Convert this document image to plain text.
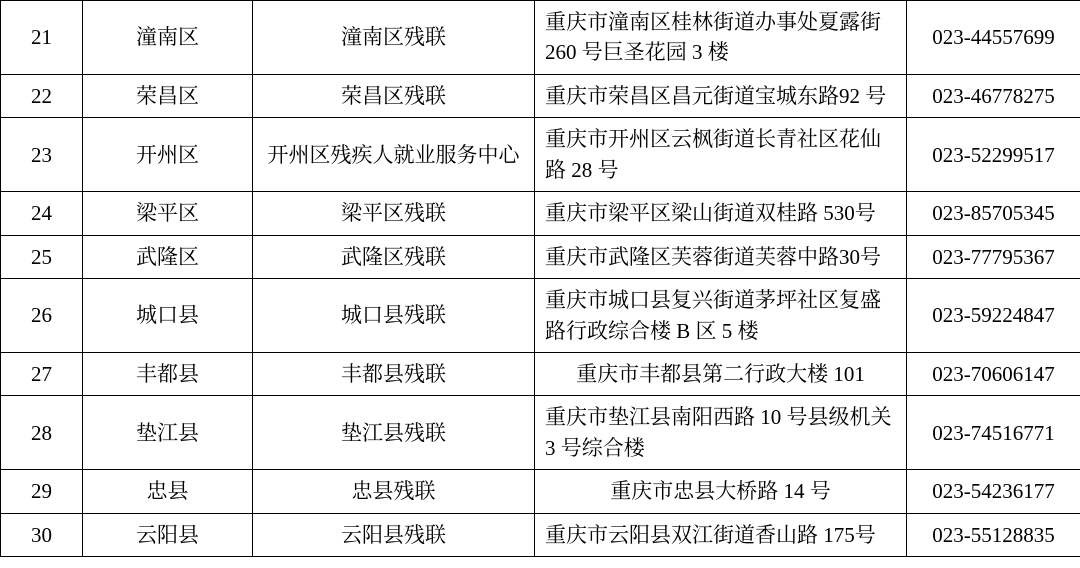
21	潼南区	潼南区残联	重庆市潼南区桂林街道办事处夏露街 260 号巨圣花园 3 楼	023-44557699
22	荣昌区	荣昌区残联	重庆市荣昌区昌元街道宝城东路92 号	023-46778275
23	开州区	开州区残疾人就业服务中心	重庆市开州区云枫街道长青社区花仙路 28 号	023-52299517
24	梁平区	梁平区残联	重庆市梁平区梁山街道双桂路 530号	023-85705345
25	武隆区	武隆区残联	重庆市武隆区芙蓉街道芙蓉中路30号	023-77795367
26	城口县	城口县残联	重庆市城口县复兴街道茅坪社区复盛路行政综合楼 B 区 5 楼	023-59224847
27	丰都县	丰都县残联	重庆市丰都县第二行政大楼 101	023-70606147
28	垫江县	垫江县残联	重庆市垫江县南阳西路 10 号县级机关 3 号综合楼	023-74516771
29	忠县	忠县残联	重庆市忠县大桥路 14 号	023-54236177
30	云阳县	云阳县残联	重庆市云阳县双江街道香山路 175号	023-55128835
